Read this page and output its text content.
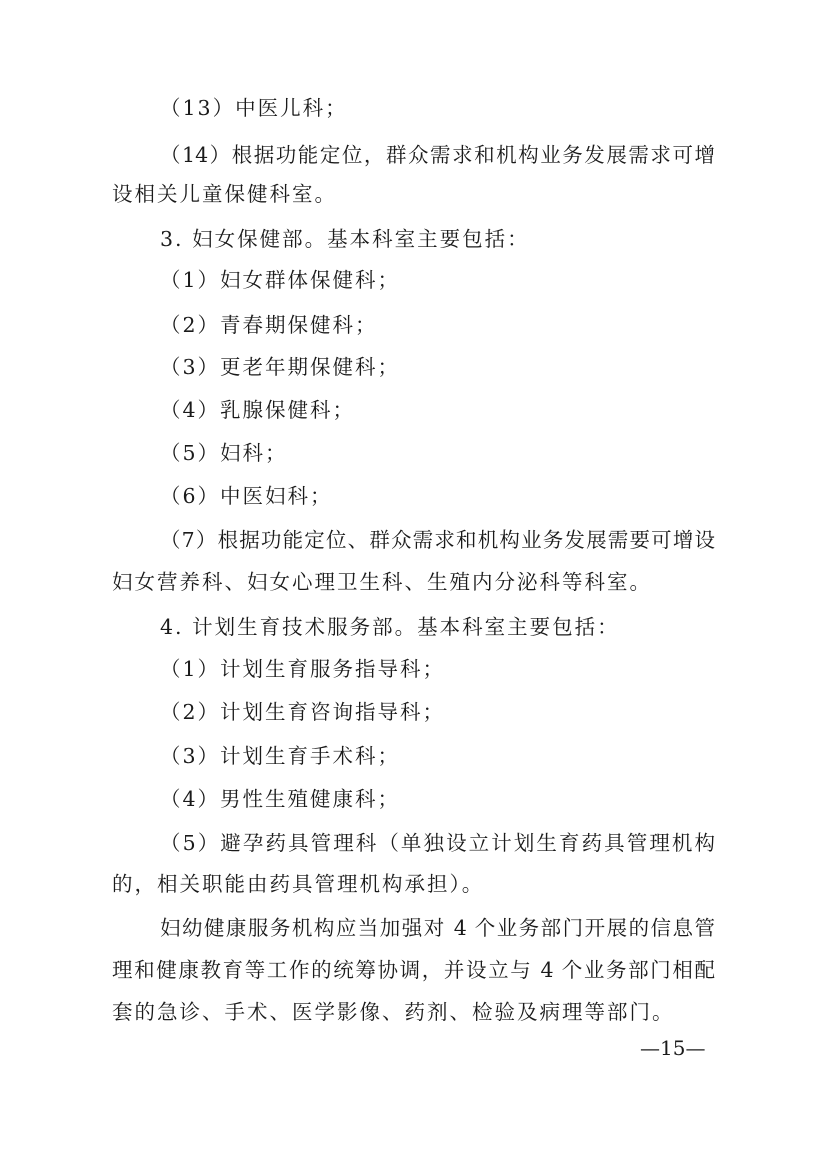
（13）中医儿科；
（14）根据功能定位，群众需求和机构业务发展需求可增
设相关儿童保健科室。
3. 妇女保健部。基本科室主要包括：
（1）妇女群体保健科；
（2）青春期保健科；
（3）更老年期保健科；
（4）乳腺保健科；
（5）妇科；
（6）中医妇科；
（7）根据功能定位、群众需求和机构业务发展需要可增设
妇女营养科、妇女心理卫生科、生殖内分泌科等科室。
4. 计划生育技术服务部。基本科室主要包括：
（1）计划生育服务指导科；
（2）计划生育咨询指导科；
（3）计划生育手术科；
（4）男性生殖健康科；
（5）避孕药具管理科（单独设立计划生育药具管理机构
的，相关职能由药具管理机构承担）。
妇幼健康服务机构应当加强对 4 个业务部门开展的信息管
理和健康教育等工作的统筹协调，并设立与 4 个业务部门相配
套的急诊、手术、医学影像、药剂、检验及病理等部门。
—15—
